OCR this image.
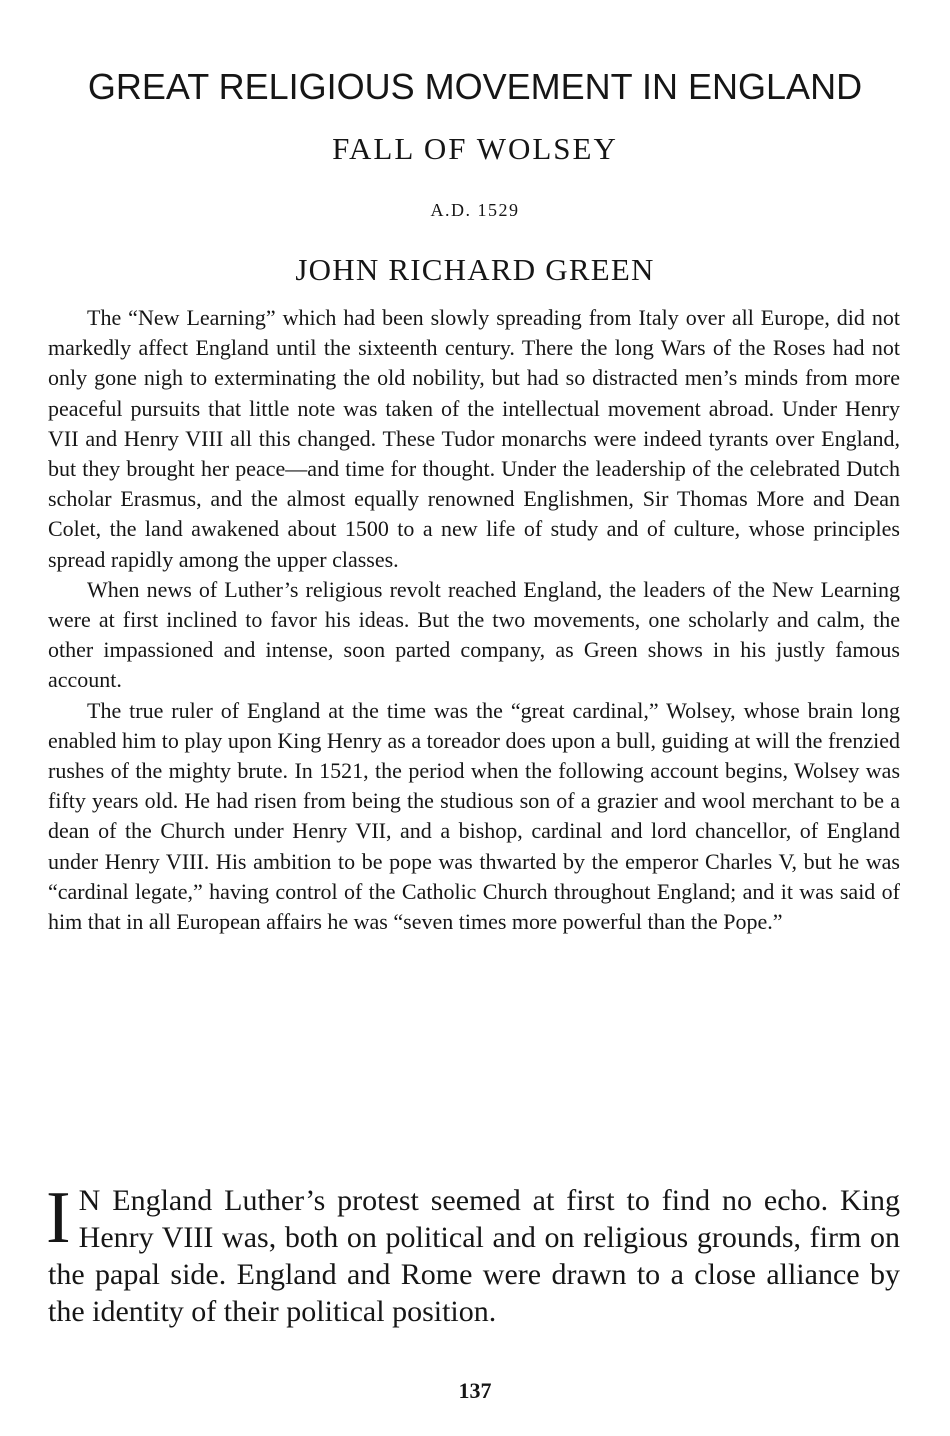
GREAT RELIGIOUS MOVEMENT IN ENGLAND
FALL OF WOLSEY
A.D. 1529
JOHN RICHARD GREEN

The “New Learning” which had been slowly spreading from Italy over all Europe, did not markedly affect England until the sixteenth century. There the long Wars of the Roses had not only gone nigh to exterminating the old nobility, but had so distracted men’s minds from more peaceful pursuits that little note was taken of the intellectual movement abroad. Under Henry VII and Henry VIII all this changed. These Tudor monarchs were indeed tyrants over England, but they brought her peace—and time for thought. Under the leadership of the celebrated Dutch scholar Erasmus, and the almost equally renowned Englishmen, Sir Thomas More and Dean Colet, the land awakened about 1500 to a new life of study and of culture, whose principles spread rapidly among the upper classes.

When news of Luther’s religious revolt reached England, the leaders of the New Learning were at first inclined to favor his ideas. But the two movements, one scholarly and calm, the other impassioned and intense, soon parted company, as Green shows in his justly famous account.

The true ruler of England at the time was the “great cardinal,” Wolsey, whose brain long enabled him to play upon King Henry as a toreador does upon a bull, guiding at will the frenzied rushes of the mighty brute. In 1521, the period when the following account begins, Wolsey was fifty years old. He had risen from being the studious son of a grazier and wool merchant to be a dean of the Church under Henry VII, and a bishop, cardinal and lord chancellor, of England under Henry VIII. His ambition to be pope was thwarted by the emperor Charles V, but he was “cardinal legate,” having control of the Catholic Church throughout England; and it was said of him that in all European affairs he was “seven times more powerful than the Pope.”

I N England Luther’s protest seemed at first to find no echo. King Henry VIII was, both on political and on religious grounds, firm on the papal side. England and Rome were drawn to a close alliance by the identity of their political position.
137
